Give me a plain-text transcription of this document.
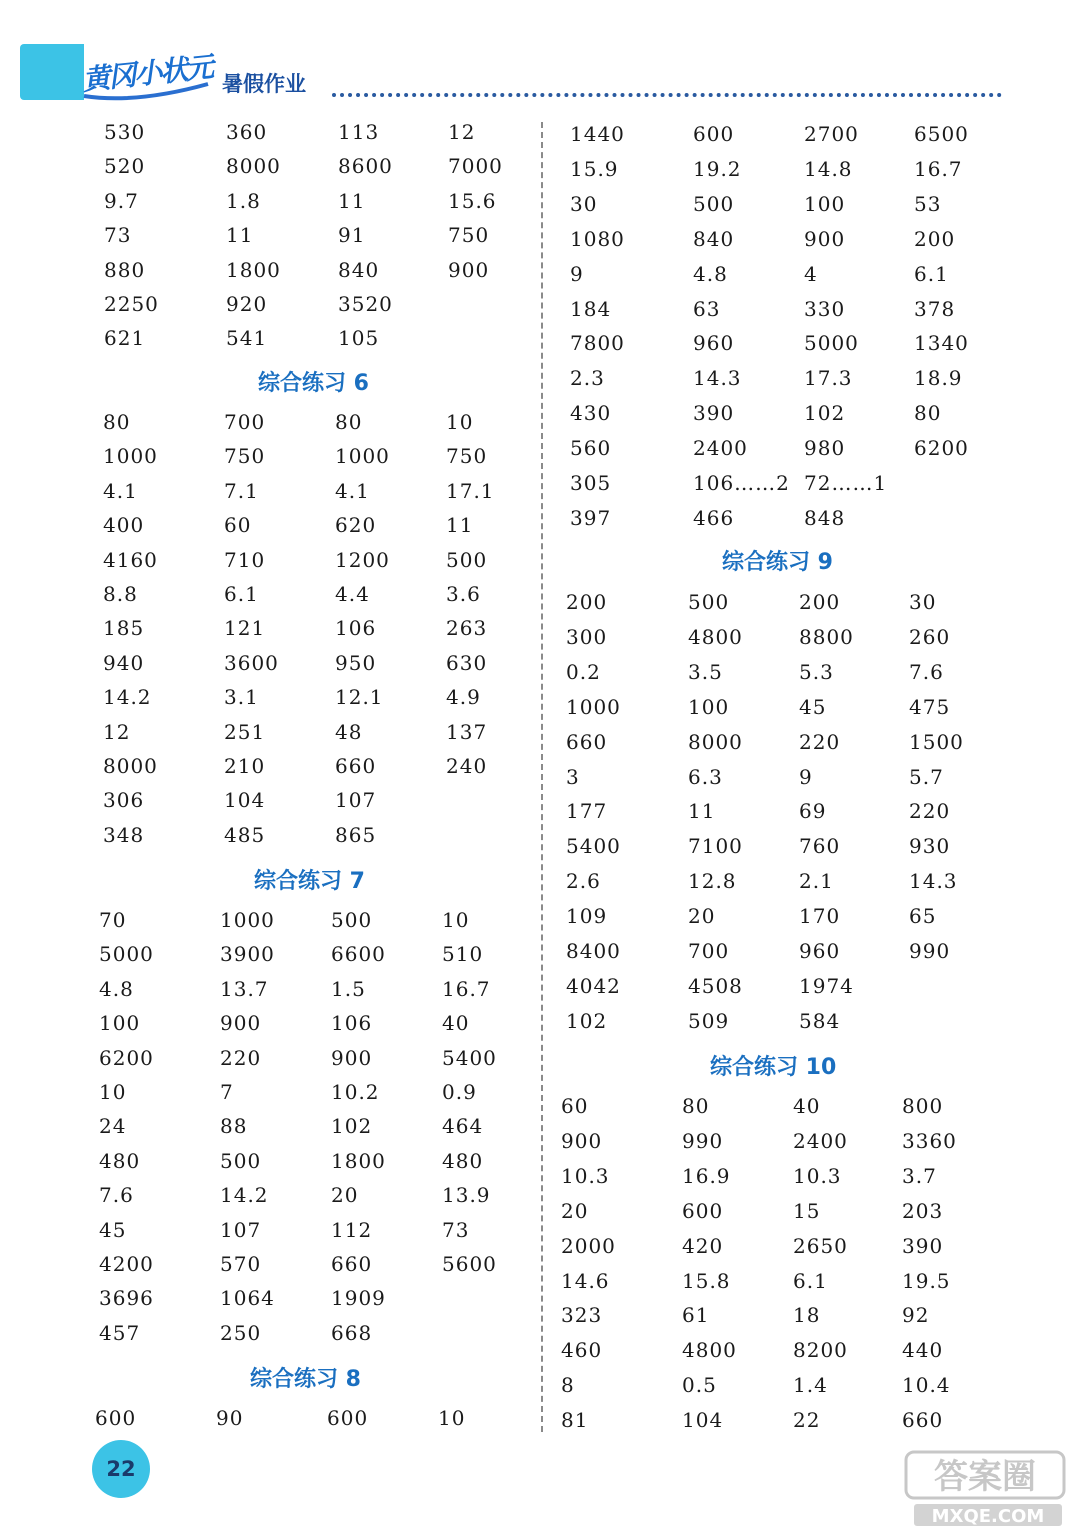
黄冈小状元 暑假作业
530	360	113	12
520	8000	8600	7000
9.7	1.8	11	15.6
73	11	91	750
880	1800	840	900
2250	920	3520
621	541	105
综合练习 6
80	700	80	10
1000	750	1000	750
4.1	7.1	4.1	17.1
400	60	620	11
4160	710	1200	500
8.8	6.1	4.4	3.6
185	121	106	263
940	3600	950	630
14.2	3.1	12.1	4.9
12	251	48	137
8000	210	660	240
306	104	107
348	485	865
综合练习 7
70	1000	500	10
5000	3900	6600	510
4.8	13.7	1.5	16.7
100	900	106	40
6200	220	900	5400
10	7	10.2	0.9
24	88	102	464
480	500	1800	480
7.6	14.2	20	13.9
45	107	112	73
4200	570	660	5600
3696	1064	1909
457	250	668
综合练习 8
600	90	600	10
1440	600	2700	6500
15.9	19.2	14.8	16.7
30	500	100	53
1080	840	900	200
9	4.8	4	6.1
184	63	330	378
7800	960	5000	1340
2.3	14.3	17.3	18.9
430	390	102	80
560	2400	980	6200
305	106……2 72……1
397	466	848
综合练习 9
200	500	200	30
300	4800	8800	260
0.2	3.5	5.3	7.6
1000	100	45	475
660	8000	220	1500
3	6.3	9	5.7
177	11	69	220
5400	7100	760	930
2.6	12.8	2.1	14.3
109	20	170	65
8400	700	960	990
4042	4508	1974
102	509	584
综合练习 10
60	80	40	800
900	990	2400	3360
10.3	16.9	10.3	3.7
20	600	15	203
2000	420	2650	390
14.6	15.8	6.1	19.5
323	61	18	92
460	4800	8200	440
8	0.5	1.4	10.4
81	104	22	660
22	答案圈
MXQE.COM
